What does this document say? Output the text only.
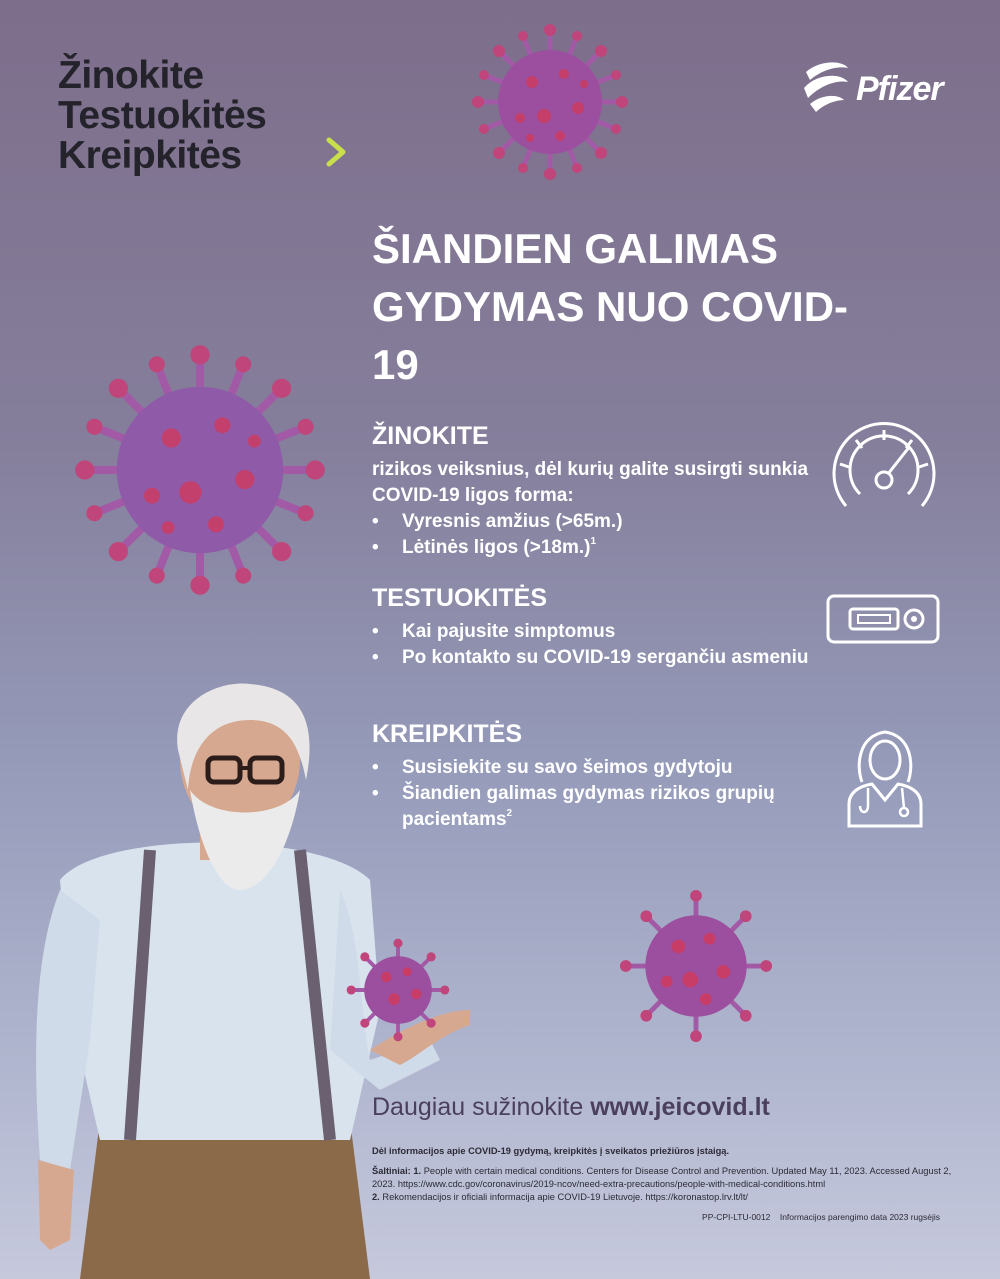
Žinokite
Testuokitės
Kreipkitės
Pfizer
ŠIANDIEN GALIMAS GYDYMAS NUO COVID-19
ŽINOKITE

rizikos veiksnius, dėl kurių galite susirgti sunkia COVID-19 ligos forma:

• Vyresnis amžius (>65m.)
• Lėtinės ligos (>18m.)$^1$
TESTUOKITĖS
• Kai pajusite simptomus
• Po kontakto su COVID-19 sergančiu asmeniu
KREIPKITĖS
• Susisiekite su savo šeimos gydytoju
• Šiandien galimas gydymas rizikos grupių pacientams$^2$
Daugiau sužinokite www.jeicovid.lt
Dėl informacijos apie COVID-19 gydymą, kreipkitės į sveikatos priežiūros įstaigą.
Šaltiniai: 1. People with certain medical conditions. Centers for Disease Control and Prevention. Updated May 11, 2023. Accessed August 2, 2023. https://www.cdc.gov/coronavirus/2019-ncov/need-extra-precautions/people-with-medical-conditions.html
2. Rekomendacijos ir oficiali informacija apie COVID-19 Lietuvoje. https://koronastop.lrv.lt/lt/
PP-CPI-LTU-0012 Informacijos parengimo data 2023 rugsėjis
